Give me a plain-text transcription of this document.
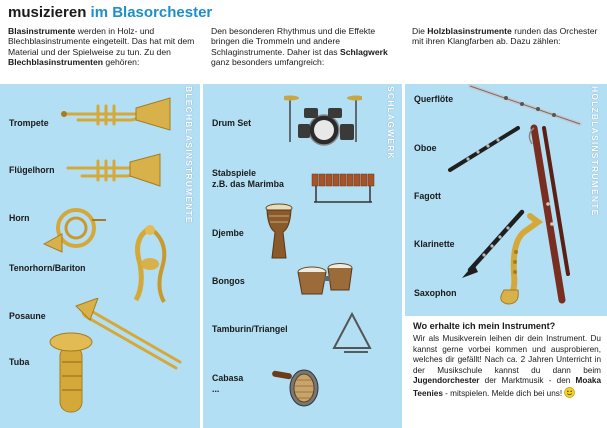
musizieren im Blasorchester
Blasinstrumente werden in Holz- und Blechblasinstrumente eingeteilt. Das hat mit dem Material und der Spielweise zu tun. Zu den Blechblasinstrumenten gehören:
Den besonderen Rhythmus und die Effekte bringen die Trommeln und andere Schlaginstrumente. Daher ist das Schlagwerk ganz besonders umfangreich:
Die Holzblasinstrumente runden das Orchester mit ihren Klangfarben ab. Dazu zählen:
BLECHBLASINSTRUMENTE	SCHLAGWERK	HOLZBLASINSTRUMENTE
Trompete
Flügelhorn
Horn
Tenorhorn/Bariton
Posaune
Tuba
Drum Set
Stabspiele
z.B. das Marimba
Djembe
Bongos
Tamburin/Triangel
Cabasa
...
Querflöte
Oboe
Fagott
Klarinette
Saxophon
Wo erhalte ich mein Instrument?
Wir als Musikverein leihen dir dein Instrument. Du kannst gerne vorbei kommen und ausprobieren, welches dir gefällt! Nach ca. 2 Jahren Unterricht in der Musikschule kannst du dann beim Jugendorchester der Marktmusik - den Moaka Teenies - mitspielen. Melde dich bei uns!
